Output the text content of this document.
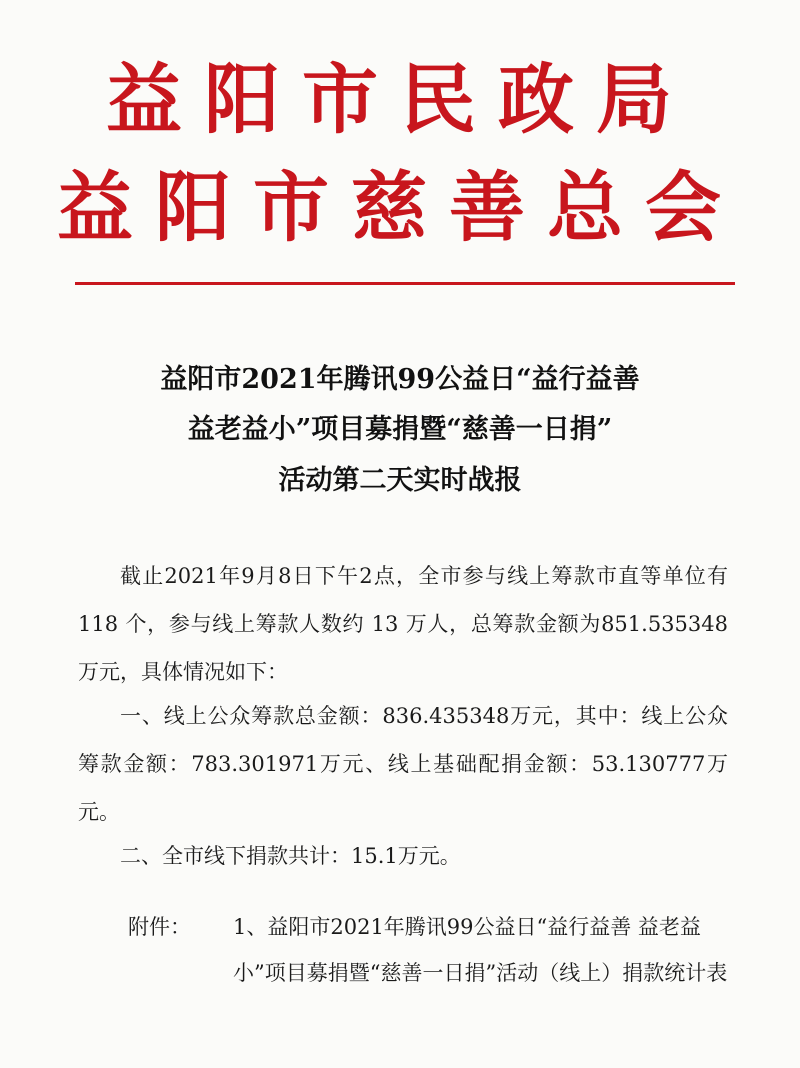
益阳市民政局
益阳市慈善总会
益阳市2021年腾讯99公益日“益行益善
益老益小”项目募捐暨“慈善一日捐”
活动第二天实时战报
截止2021年9月8日下午2点，全市参与线上筹款市直等单位有 118 个，参与线上筹款人数约 13 万人，总筹款金额为851.535348万元，具体情况如下：
一、线上公众筹款总金额：836.435348万元，其中：线上公众筹款金额：783.301971万元、线上基础配捐金额：53.130777万元。
二、全市线下捐款共计：15.1万元。
附件： 1、益阳市2021年腾讯99公益日“益行益善 益老益小”项目募捐暨“慈善一日捐”活动（线上）捐款统计表
